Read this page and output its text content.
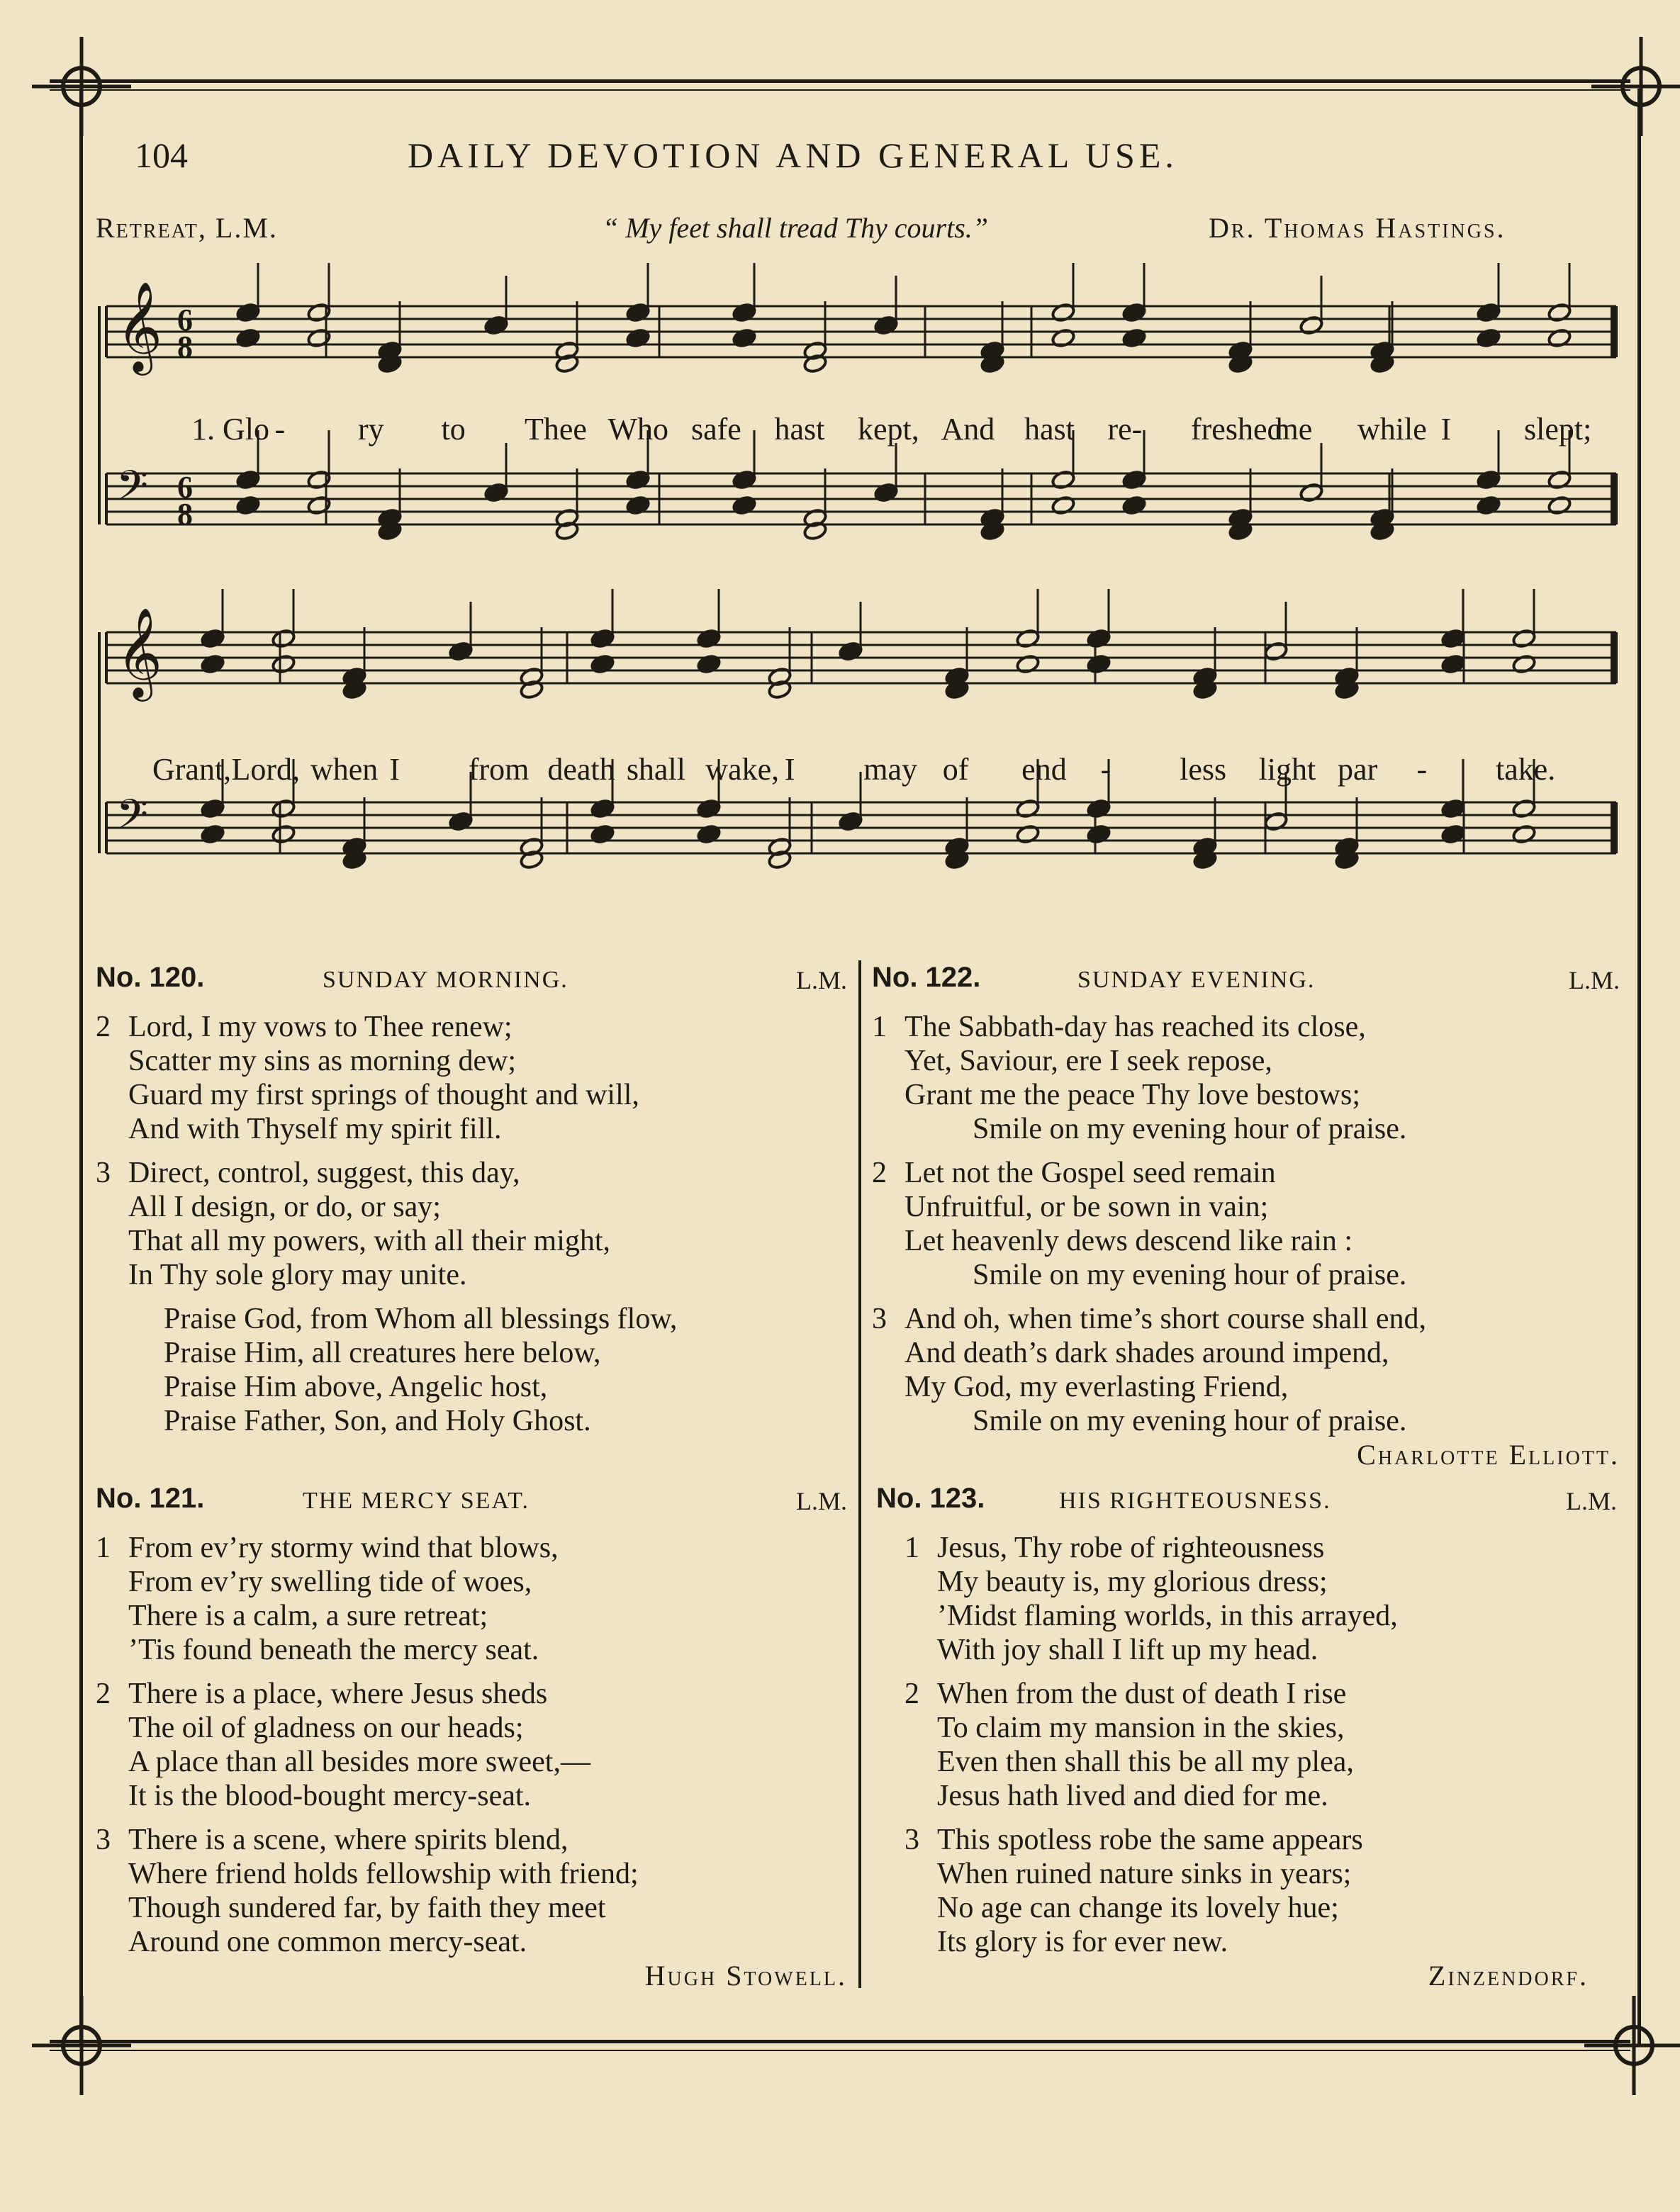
104	DAILY DEVOTION AND GENERAL USE.
Retreat, L.M.	“ My feet shall tread Thy courts.”	Dr. Thomas Hastings.
𝄞 6
8
𝄢 6
8
𝄞
𝄢
1. Glo - ry to Thee Who safe hast kept, And hast re- freshed
me while I slept;
Grant, Lord, when I from death shall wake, I may of end - less light par - take.
No. 120.	SUNDAY MORNING.	L.M.
2 Lord, I my vows to Thee renew;
Scatter my sins as morning dew;
Guard my first springs of thought and will,
And with Thyself my spirit fill.
3 Direct, control, suggest, this day,
All I design, or do, or say;
That all my powers, with all their might,
In Thy sole glory may unite.
Praise God, from Whom all blessings flow,
Praise Him, all creatures here below,
Praise Him above, Angelic host,
Praise Father, Son, and Holy Ghost.
No. 121.	THE MERCY SEAT.	L.M.
1 From ev’ry stormy wind that blows,
From ev’ry swelling tide of woes,
There is a calm, a sure retreat;
’Tis found beneath the mercy seat.
2 There is a place, where Jesus sheds
The oil of gladness on our heads;
A place than all besides more sweet,—
It is the blood-bought mercy-seat.
3 There is a scene, where spirits blend,
Where friend holds fellowship with friend;
Though sundered far, by faith they meet
Around one common mercy-seat.
Hugh Stowell.
No. 122.	SUNDAY EVENING.	L.M.
1 The Sabbath-day has reached its close,
Yet, Saviour, ere I seek repose,
Grant me the peace Thy love bestows;
Smile on my evening hour of praise.
2 Let not the Gospel seed remain
Unfruitful, or be sown in vain;
Let heavenly dews descend like rain :
Smile on my evening hour of praise.
3 And oh, when time’s short course shall end,
And death’s dark shades around impend,
My God, my everlasting Friend,
Smile on my evening hour of praise.
Charlotte Elliott.
No. 123.	HIS RIGHTEOUSNESS.	L.M.
1 Jesus, Thy robe of righteousness
My beauty is, my glorious dress;
’Midst flaming worlds, in this arrayed,
With joy shall I lift up my head.
2 When from the dust of death I rise
To claim my mansion in the skies,
Even then shall this be all my plea,
Jesus hath lived and died for me.
3 This spotless robe the same appears
When ruined nature sinks in years;
No age can change its lovely hue;
Its glory is for ever new.
Zinzendorf.
